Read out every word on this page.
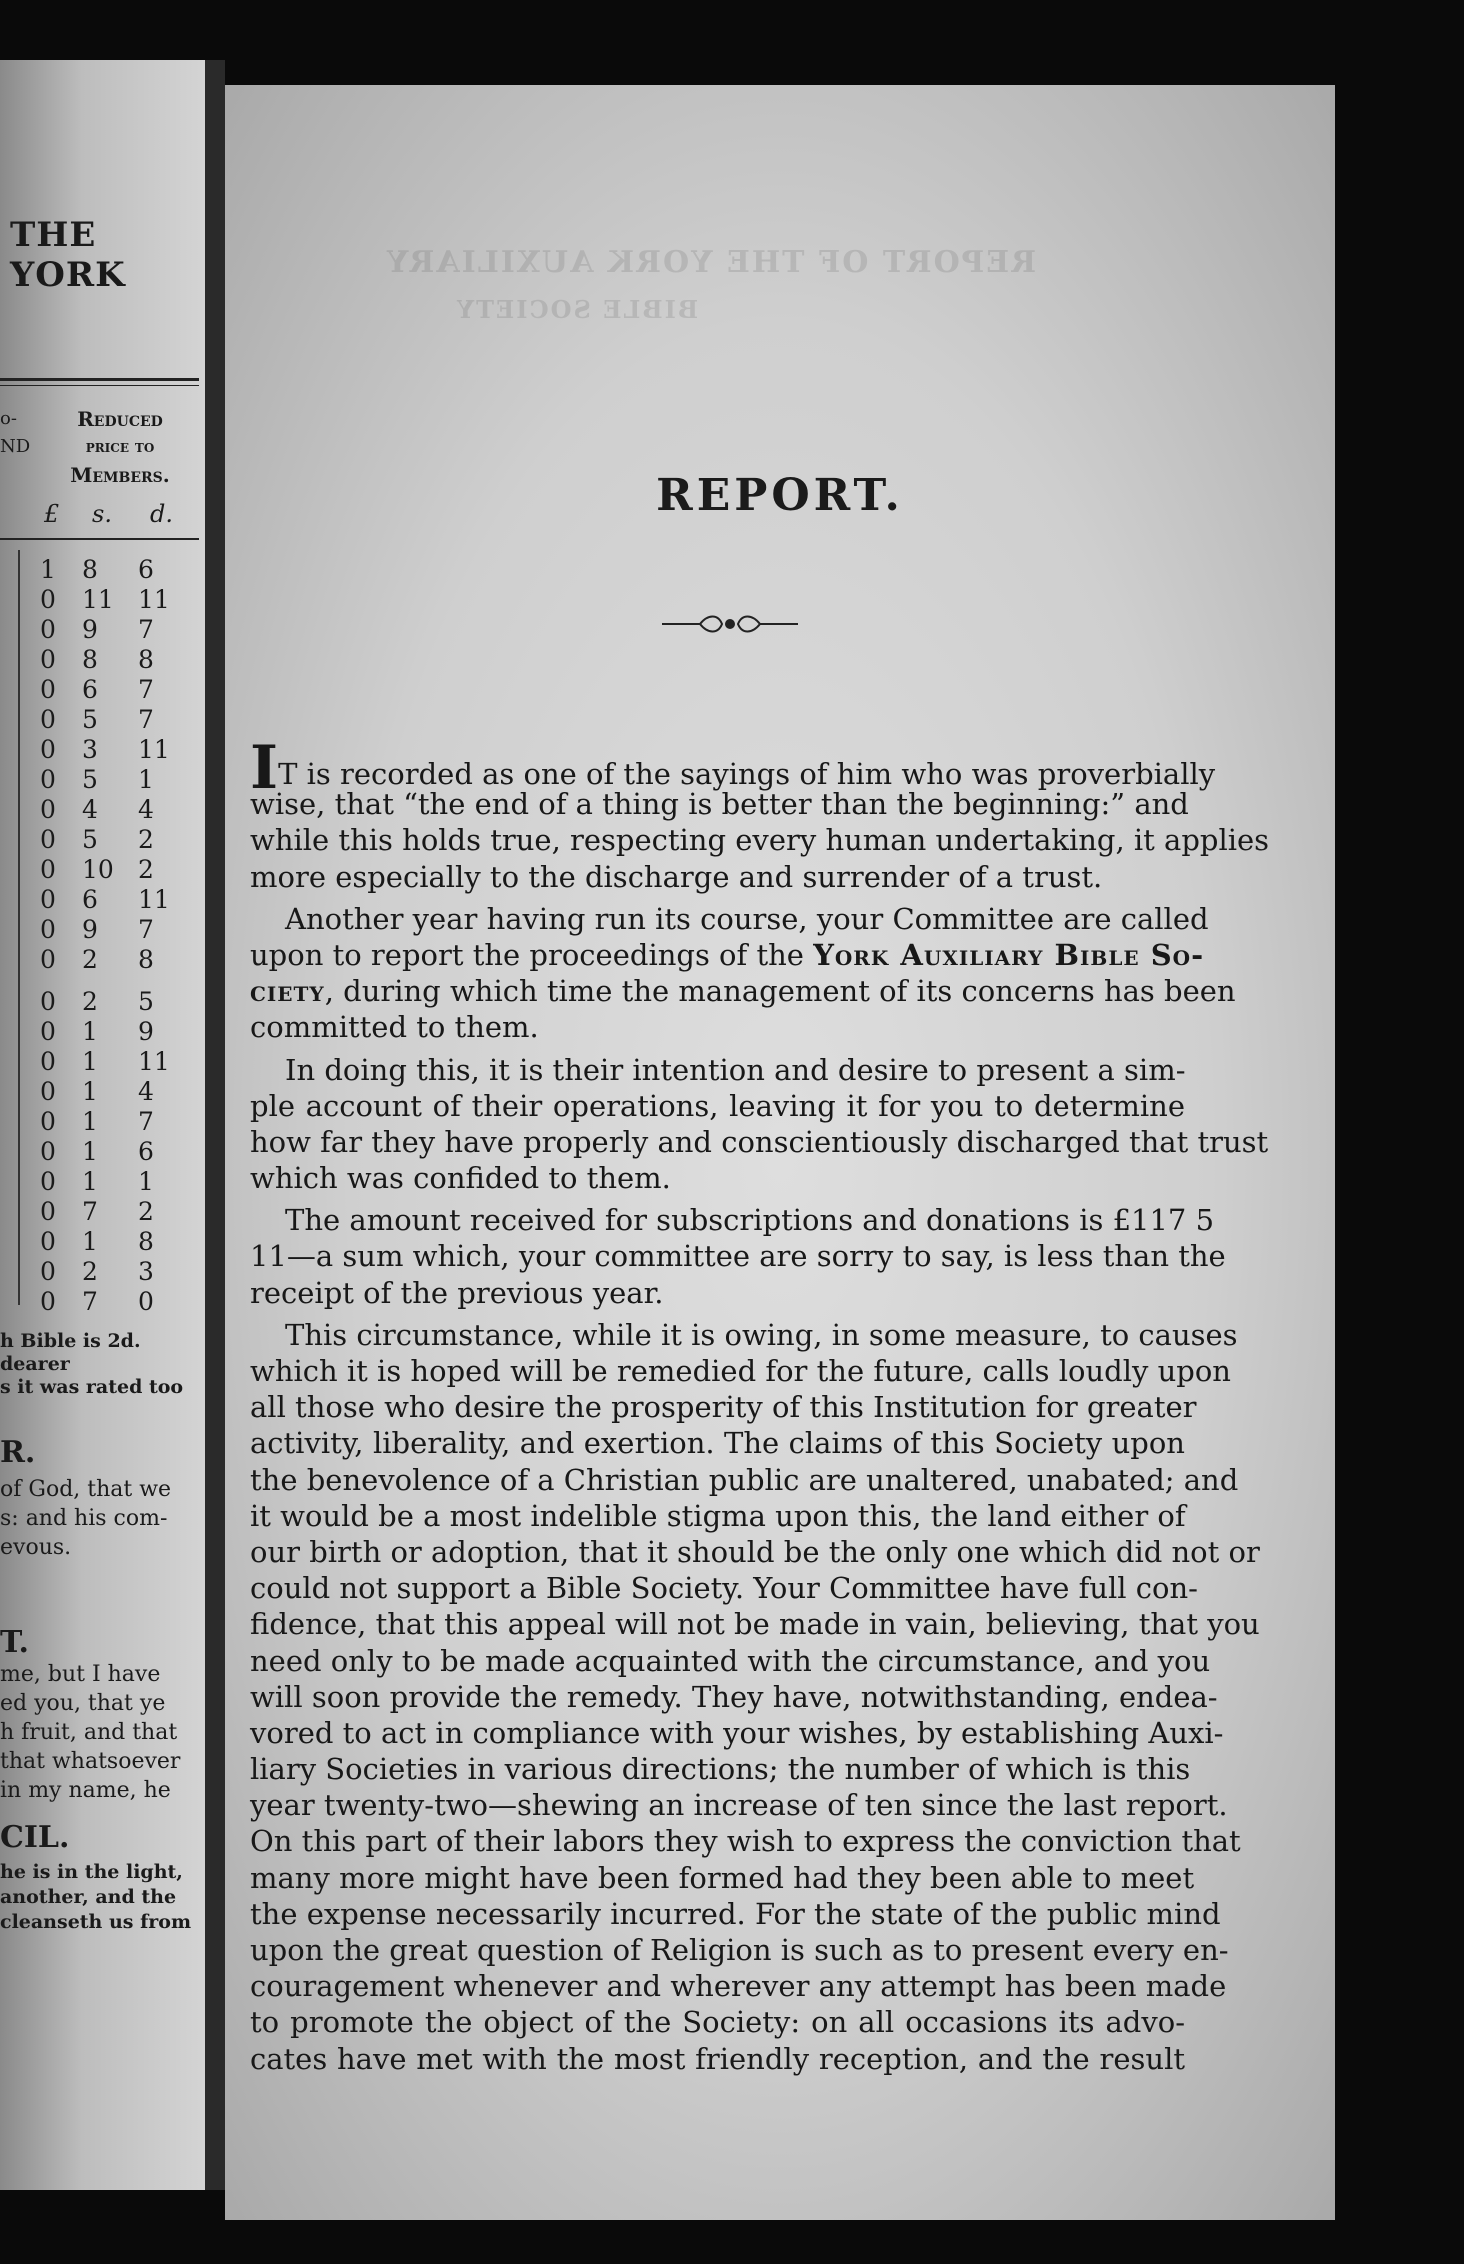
THE YORK
o-
ND
Reduced
price to
Members.
£ s. d.
1 8 6
0 11 11
0 9 7
0 8 8
0 6 7
0 5 7
0 3 11
0 5 1
0 4 4
0 5 2
0 10 2
0 6 11
0 9 7
0 2 8
0 2 5
0 1 9
0 1 11
0 1 4
0 1 7
0 1 6
0 1 1
0 7 2
0 1 8
0 2 3
0 7 0
h Bible is 2d. dearer
s it was rated too
R.
of God, that we
s: and his com-
evous.
T.
me, but I have
ed you, that ye
h fruit, and that
that whatsoever
in my name, he
CIL.
he is in the light,
another, and the
cleanseth us from
REPORT OF THE YORK AUXILIARY
BIBLE SOCIETY
REPORT.
IT is recorded as one of the sayings of him who was proverbially
wise, that “the end of a thing is better than the beginning:” and
while this holds true, respecting every human undertaking, it applies
more especially to the discharge and surrender of a trust.
Another year having run its course, your Committee are called
upon to report the proceedings of the York Auxiliary Bible So-
ciety, during which time the management of its concerns has been
committed to them.
In doing this, it is their intention and desire to present a sim-
ple account of their operations, leaving it for you to determine
how far they have properly and conscientiously discharged that trust
which was confided to them.
The amount received for subscriptions and donations is £117 5
11—a sum which, your committee are sorry to say, is less than the
receipt of the previous year.
This circumstance, while it is owing, in some measure, to causes
which it is hoped will be remedied for the future, calls loudly upon
all those who desire the prosperity of this Institution for greater
activity, liberality, and exertion. The claims of this Society upon
the benevolence of a Christian public are unaltered, unabated; and
it would be a most indelible stigma upon this, the land either of
our birth or adoption, that it should be the only one which did not or
could not support a Bible Society. Your Committee have full con-
fidence, that this appeal will not be made in vain, believing, that you
need only to be made acquainted with the circumstance, and you
will soon provide the remedy. They have, notwithstanding, endea-
vored to act in compliance with your wishes, by establishing Auxi-
liary Societies in various directions; the number of which is this
year twenty-two—shewing an increase of ten since the last report.
On this part of their labors they wish to express the conviction that
many more might have been formed had they been able to meet
the expense necessarily incurred. For the state of the public mind
upon the great question of Religion is such as to present every en-
couragement whenever and wherever any attempt has been made
to promote the object of the Society: on all occasions its advo-
cates have met with the most friendly reception, and the result
